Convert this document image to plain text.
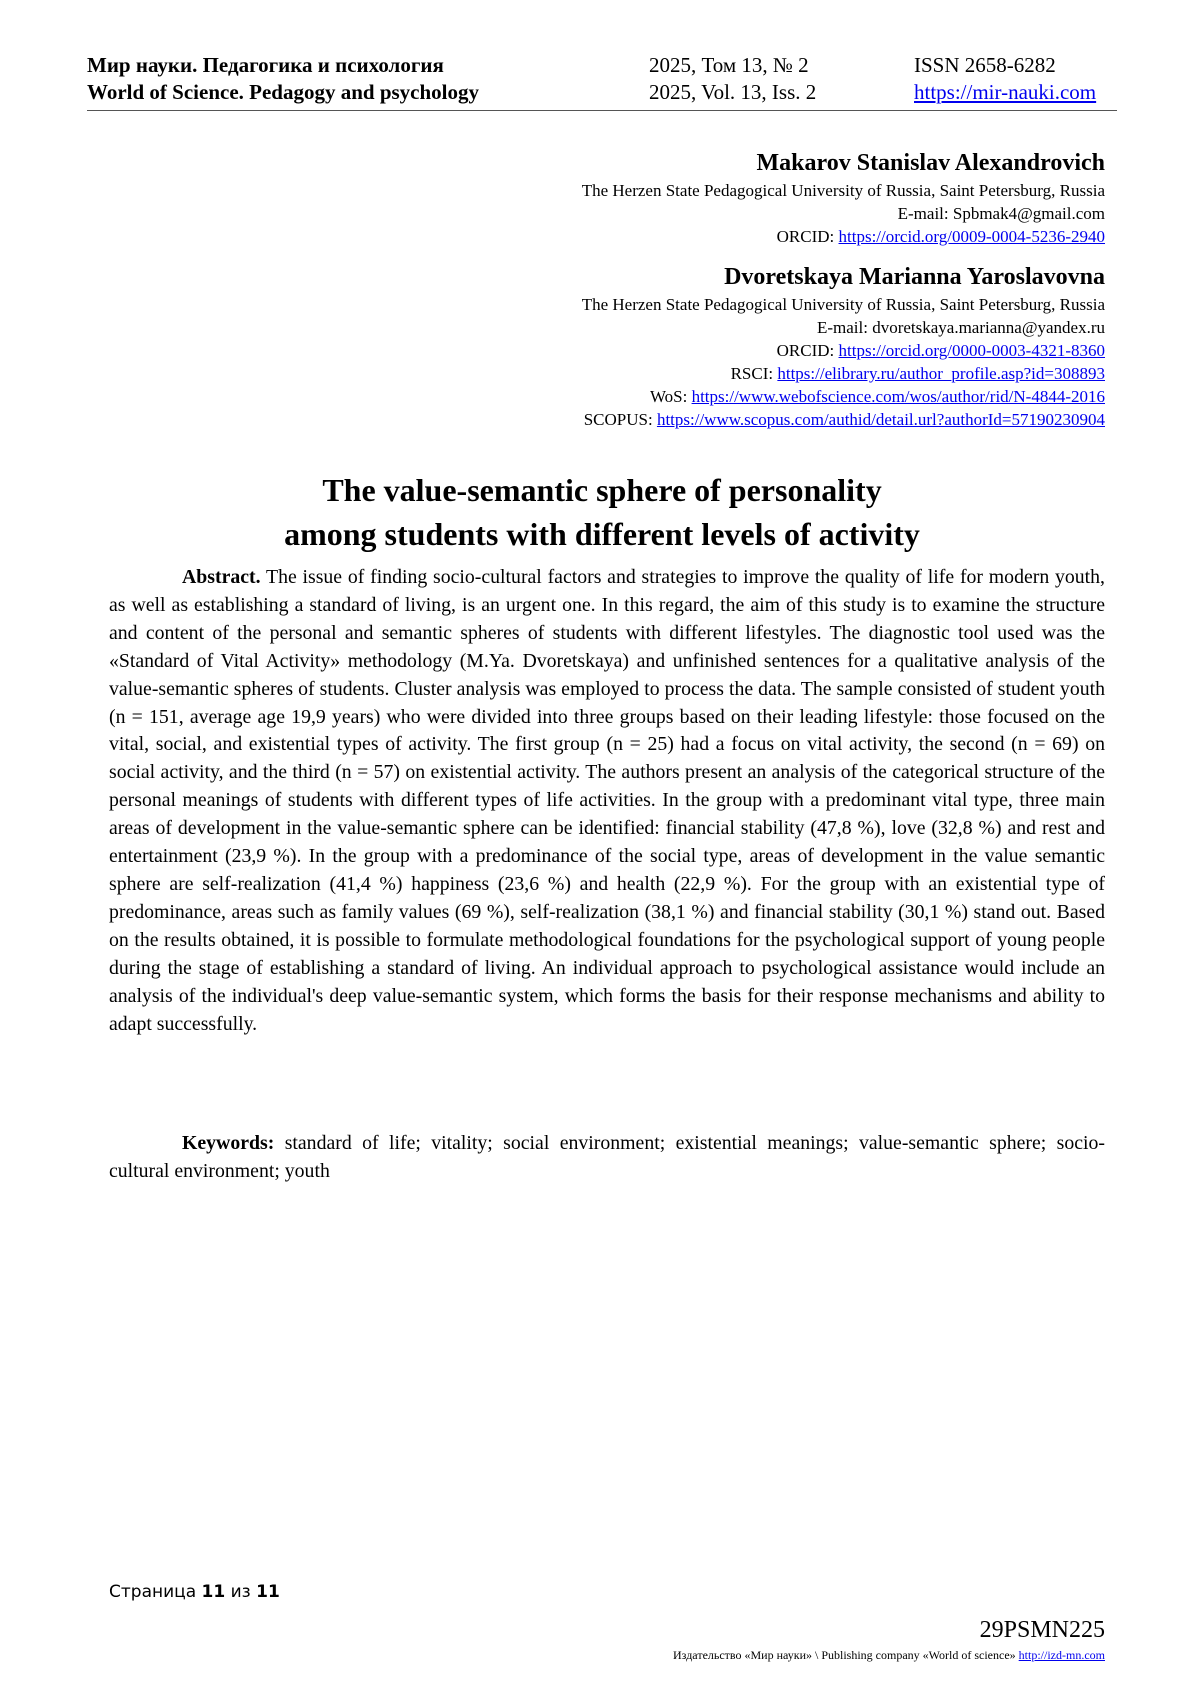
Мир науки. Педагогика и психология
World of Science. Pedagogy and psychology
2025, Том 13, № 2
2025, Vol. 13, Iss. 2
ISSN 2658-6282
https://mir-nauki.com
Makarov Stanislav Alexandrovich
The Herzen State Pedagogical University of Russia, Saint Petersburg, Russia
E-mail: Spbmak4@gmail.com
ORCID: https://orcid.org/0009-0004-5236-2940
Dvoretskaya Marianna Yaroslavovna
The Herzen State Pedagogical University of Russia, Saint Petersburg, Russia
E-mail: dvoretskaya.marianna@yandex.ru
ORCID: https://orcid.org/0000-0003-4321-8360
RSCI: https://elibrary.ru/author_profile.asp?id=308893
WoS: https://www.webofscience.com/wos/author/rid/N-4844-2016
SCOPUS: https://www.scopus.com/authid/detail.url?authorId=57190230904
The value-semantic sphere of personality
among students with different levels of activity

Abstract. The issue of finding socio-cultural factors and strategies to improve the quality of life for modern youth, as well as establishing a standard of living, is an urgent one. In this regard, the aim of this study is to examine the structure and content of the personal and semantic spheres of students with different lifestyles. The diagnostic tool used was the «Standard of Vital Activity» methodology (M.Ya. Dvoretskaya) and unfinished sentences for a qualitative analysis of the value-semantic spheres of students. Cluster analysis was employed to process the data. The sample consisted of student youth (n = 151, average age 19,9 years) who were divided into three groups based on their leading lifestyle: those focused on the vital, social, and existential types of activity. The first group (n = 25) had a focus on vital activity, the second (n = 69) on social activity, and the third (n = 57) on existential activity. The authors present an analysis of the categorical structure of the personal meanings of students with different types of life activities. In the group with a predominant vital type, three main areas of development in the value-semantic sphere can be identified: financial stability (47,8 %), love (32,8 %) and rest and entertainment (23,9 %). In the group with a predominance of the social type, areas of development in the value semantic sphere are self-realization (41,4 %) happiness (23,6 %) and health (22,9 %). For the group with an existential type of predominance, areas such as family values (69 %), self-realization (38,1 %) and financial stability (30,1 %) stand out. Based on the results obtained, it is possible to formulate methodological foundations for the psychological support of young people during the stage of establishing a standard of living. An individual approach to psychological assistance would include an analysis of the individual's deep value-semantic system, which forms the basis for their response mechanisms and ability to adapt successfully.

Keywords: standard of life; vitality; social environment; existential meanings; value-semantic sphere; socio-cultural environment; youth

Страница 11 из 11
29PSMN225
Издательство «Мир науки» \ Publishing company «World of science» http://izd-mn.com
